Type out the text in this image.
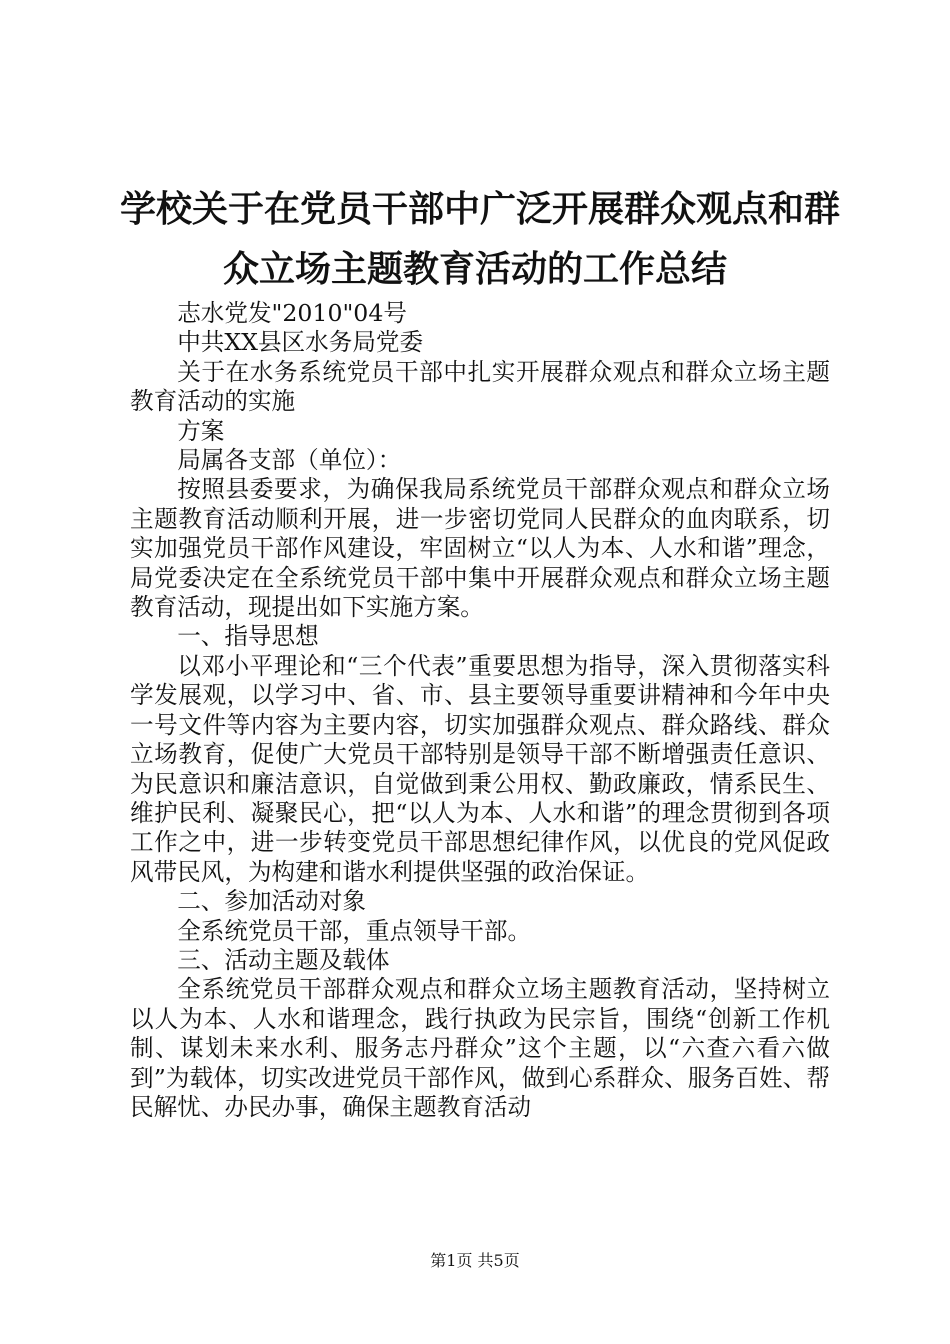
学校关于在党员干部中广泛开展群众观点和群
众立场主题教育活动的工作总结

志水党发"2010"04号

中共XX县区水务局党委

关于在水务系统党员干部中扎实开展群众观点和群众立场主题教育活动的实施

方案

局属各支部（单位）：

按照县委要求，为确保我局系统党员干部群众观点和群众立场主题教育活动顺利开展，进一步密切党同人民群众的血肉联系，切实加强党员干部作风建设，牢固树立“以人为本、人水和谐”理念，局党委决定在全系统党员干部中集中开展群众观点和群众立场主题教育活动，现提出如下实施方案。

一、指导思想

以邓小平理论和“三个代表”重要思想为指导，深入贯彻落实科学发展观，以学习中、省、市、县主要领导重要讲精神和今年中央一号文件等内容为主要内容，切实加强群众观点、群众路线、群众立场教育，促使广大党员干部特别是领导干部不断增强责任意识、为民意识和廉洁意识，自觉做到秉公用权、勤政廉政，情系民生、维护民利、凝聚民心，把“以人为本、人水和谐”的理念贯彻到各项工作之中，进一步转变党员干部思想纪律作风，以优良的党风促政风带民风，为构建和谐水利提供坚强的政治保证。

二、参加活动对象

全系统党员干部，重点领导干部。

三、活动主题及载体

全系统党员干部群众观点和群众立场主题教育活动，坚持树立以人为本、人水和谐理念，践行执政为民宗旨，围绕“创新工作机制、谋划未来水利、服务志丹群众”这个主题，以“六查六看六做到”为载体，切实改进党员干部作风，做到心系群众、服务百姓、帮民解忧、办民办事，确保主题教育活动

第1页 共5页
